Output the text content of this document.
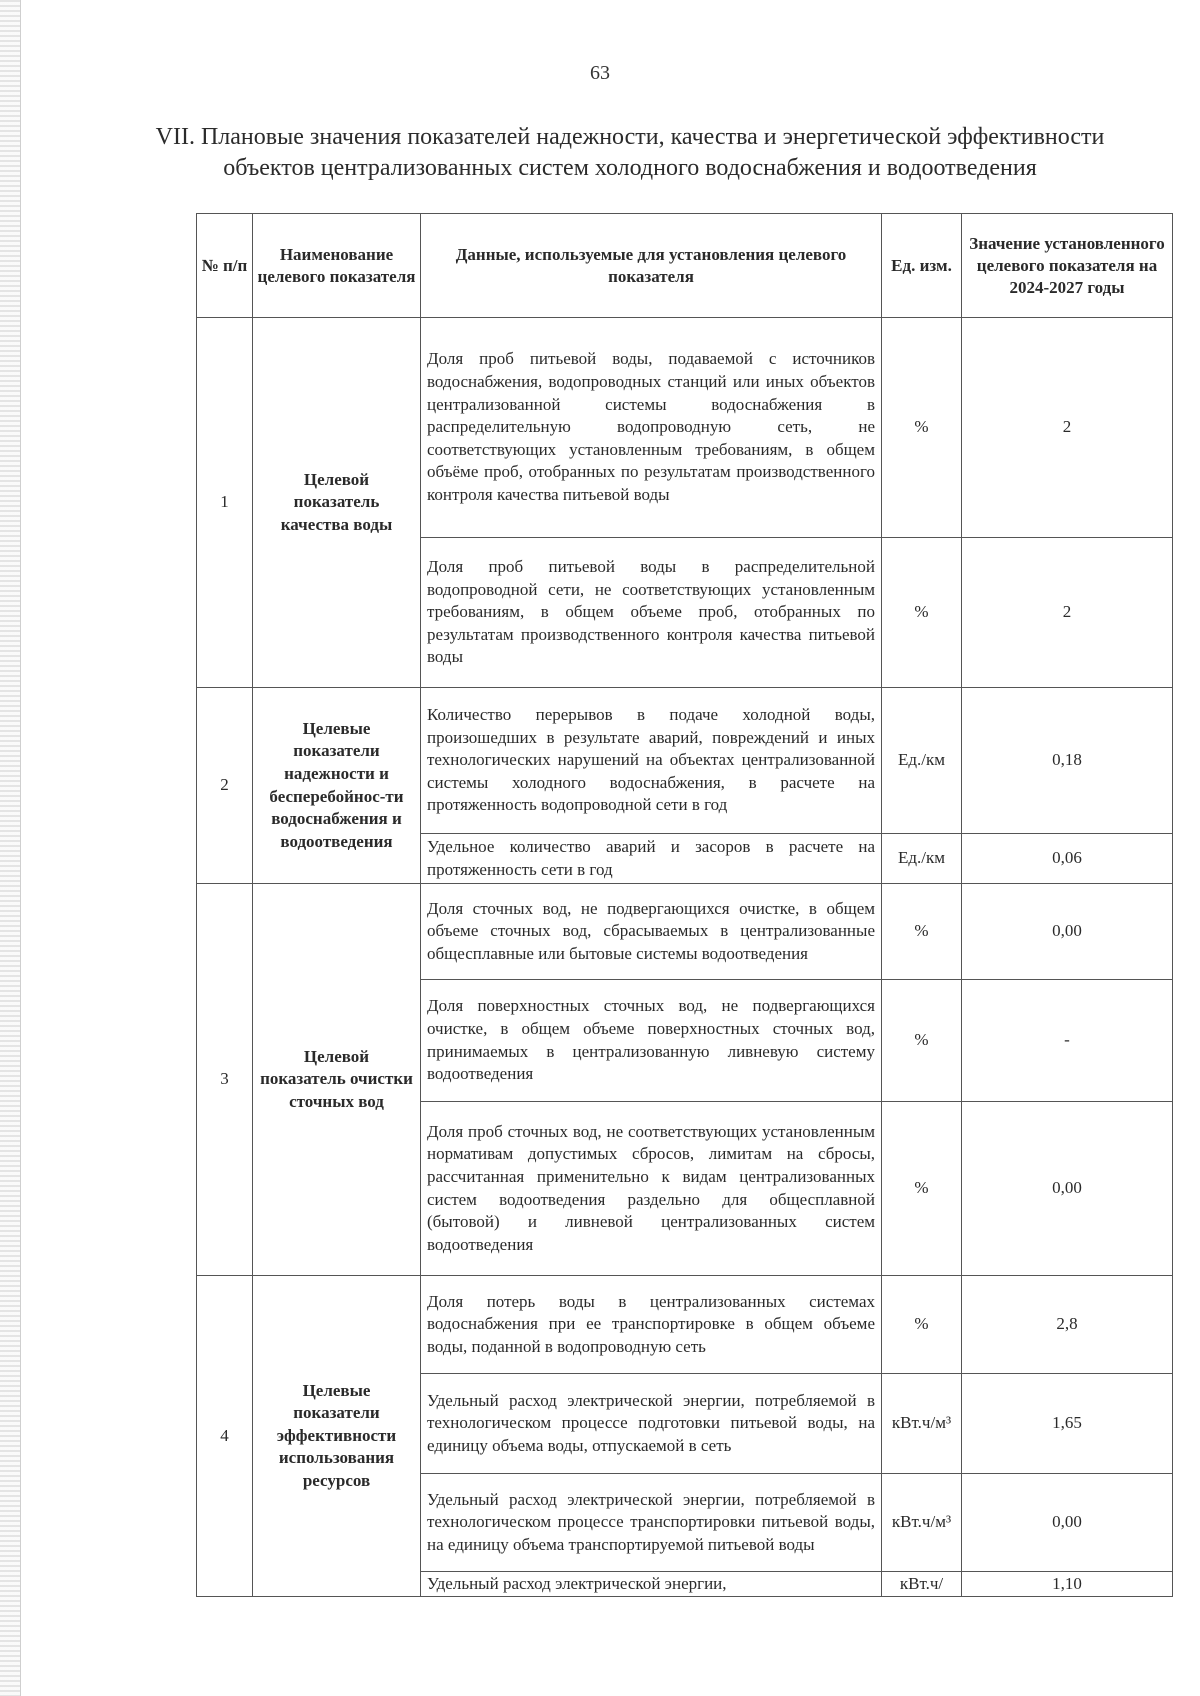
63
VII. Плановые значения показателей надежности, качества и энергетической эффективности объектов централизованных систем холодного водоснабжения и водоотведения
№ п/п	Наименование целевого показателя	Данные, используемые для установления целевого показателя	Ед. изм.	Значение установленного целевого показателя на 2024-2027 годы
1	Целевой показатель качества воды	Доля проб питьевой воды, подаваемой с источников водоснабжения, водопроводных станций или иных объектов централизованной системы водоснабжения в распределительную водопроводную сеть, не соответствующих установленным требованиям, в общем объёме проб, отобранных по результатам производственного контроля качества питьевой воды	%	2
		Доля проб питьевой воды в распределительной водопроводной сети, не соответствующих установленным требованиям, в общем объеме проб, отобранных по результатам производственного контроля качества питьевой воды	%	2
2	Целевые показатели надежности и бесперебойнос-ти водоснабжения и водоотведения	Количество перерывов в подаче холодной воды, произошедших в результате аварий, повреждений и иных технологических нарушений на объектах централизованной системы холодного водоснабжения, в расчете на протяженность водопроводной сети в год	Ед./км	0,18
		Удельное количество аварий и засоров в расчете на протяженность сети в год	Ед./км	0,06
3	Целевой показатель очистки сточных вод	Доля сточных вод, не подвергающихся очистке, в общем объеме сточных вод, сбрасываемых в централизованные общесплавные или бытовые системы водоотведения	%	0,00
		Доля поверхностных сточных вод, не подвергающихся очистке, в общем объеме поверхностных сточных вод, принимаемых в централизованную ливневую систему водоотведения	%	-
		Доля проб сточных вод, не соответствующих установленным нормативам допустимых сбросов, лимитам на сбросы, рассчитанная применительно к видам централизованных систем водоотведения раздельно для общесплавной (бытовой) и ливневой централизованных систем водоотведения	%	0,00
4	Целевые показатели эффективности использования ресурсов	Доля потерь воды в централизованных системах водоснабжения при ее транспортировке в общем объеме воды, поданной в водопроводную сеть	%	2,8
		Удельный расход электрической энергии, потребляемой в технологическом процессе подготовки питьевой воды, на единицу объема воды, отпускаемой в сеть	кВт.ч/м³	1,65
		Удельный расход электрической энергии, потребляемой в технологическом процессе транспортировки питьевой воды, на единицу объема транспортируемой питьевой воды	кВт.ч/м³	0,00
		Удельный расход электрической энергии,	кВт.ч/	1,10
